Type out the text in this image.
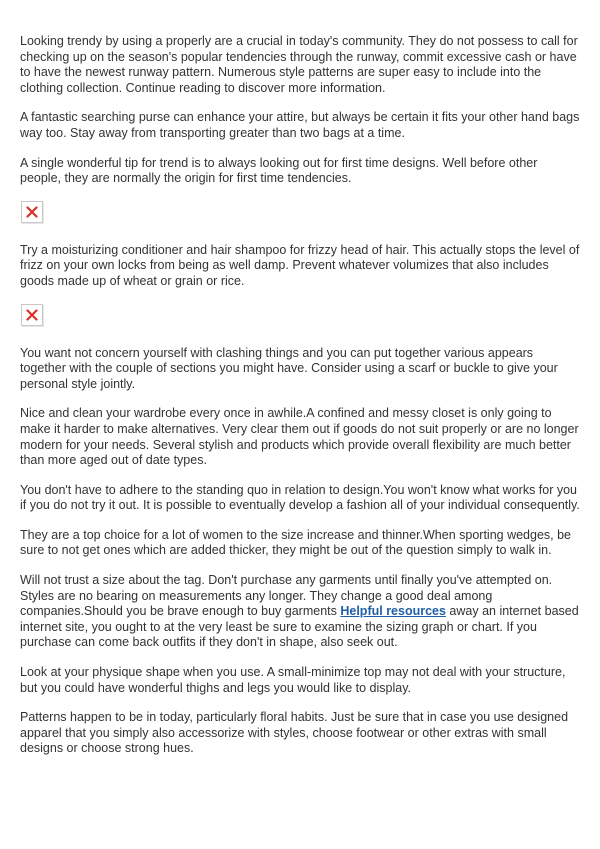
Looking trendy by using a properly are a crucial in today's community. They do not possess to call for checking up on the season's popular tendencies through the runway, commit excessive cash or have to have the newest runway pattern. Numerous style patterns are super easy to include into the clothing collection. Continue reading to discover more information.

A fantastic searching purse can enhance your attire, but always be certain it fits your other hand bags way too. Stay away from transporting greater than two bags at a time.

A single wonderful tip for trend is to always looking out for first time designs. Well before other people, they are normally the origin for first time tendencies.

Try a moisturizing conditioner and hair shampoo for frizzy head of hair. This actually stops the level of frizz on your own locks from being as well damp. Prevent whatever volumizes that also includes goods made up of wheat or grain or rice.

You want not concern yourself with clashing things and you can put together various appears together with the couple of sections you might have. Consider using a scarf or buckle to give your personal style jointly.

Nice and clean your wardrobe every once in awhile.A confined and messy closet is only going to make it harder to make alternatives. Very clear them out if goods do not suit properly or are no longer modern for your needs. Several stylish and products which provide overall flexibility are much better than more aged out of date types.

You don't have to adhere to the standing quo in relation to design.You won't know what works for you if you do not try it out. It is possible to eventually develop a fashion all of your individual consequently.

They are a top choice for a lot of women to the size increase and thinner.When sporting wedges, be sure to not get ones which are added thicker, they might be out of the question simply to walk in.

Will not trust a size about the tag. Don't purchase any garments until finally you've attempted on. Styles are no bearing on measurements any longer. They change a good deal among companies.Should you be brave enough to buy garments Helpful resources away an internet based internet site, you ought to at the very least be sure to examine the sizing graph or chart. If you purchase can come back outfits if they don't in shape, also seek out.

Look at your physique shape when you use. A small-minimize top may not deal with your structure, but you could have wonderful thighs and legs you would like to display.

Patterns happen to be in today, particularly floral habits. Just be sure that in case you use designed apparel that you simply also accessorize with styles, choose footwear or other extras with small designs or choose strong hues.
